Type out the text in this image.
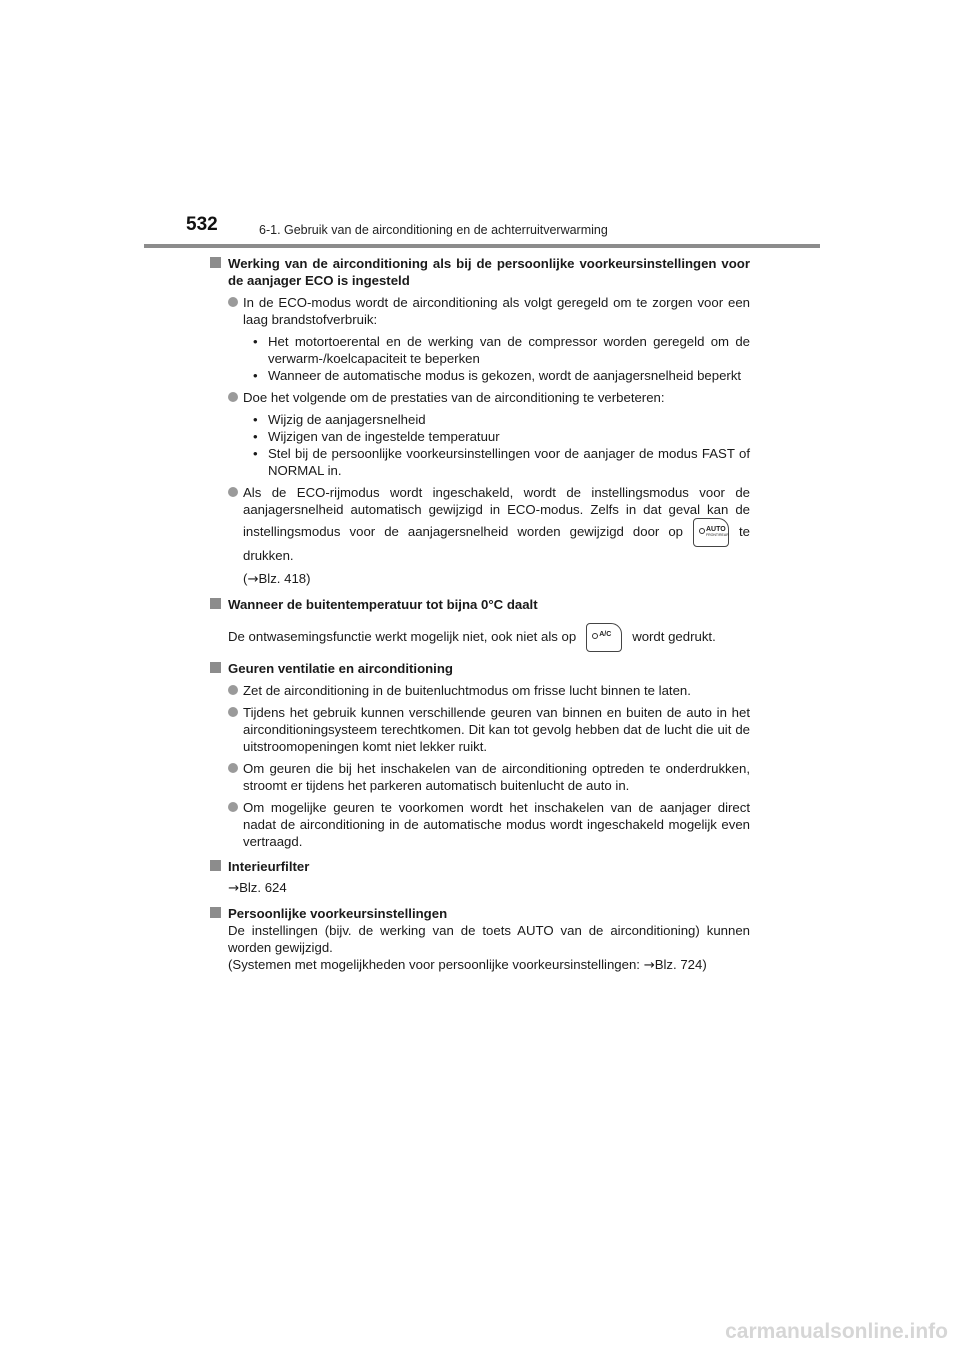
532	6-1. Gebruik van de airconditioning en de achterruitverwarming
Werking van de airconditioning als bij de persoonlijke voorkeursinstellingen voor de aanjager ECO is ingesteld
In de ECO-modus wordt de airconditioning als volgt geregeld om te zorgen voor een laag brandstofverbruik:
• Het motortoerental en de werking van de compressor worden geregeld om de verwarm-/koelcapaciteit te beperken
• Wanneer de automatische modus is gekozen, wordt de aanjagersnelheid beperkt
Doe het volgende om de prestaties van de airconditioning te verbeteren:
• Wijzig de aanjagersnelheid
• Wijzigen van de ingestelde temperatuur
• Stel bij de persoonlijke voorkeursinstellingen voor de aanjager de modus FAST of NORMAL in.
Als de ECO-rijmodus wordt ingeschakeld, wordt de instellingsmodus voor de aanjagersnelheid automatisch gewijzigd in ECO-modus. Zelfs in dat geval kan de instellingsmodus voor de aanjagersnelheid worden gewijzigd door op	AUTO
FRONT/REAR te drukken.
(→Blz. 418)
Wanneer de buitentemperatuur tot bijna 0°C daalt
De ontwasemingsfunctie werkt mogelijk niet, ook niet als op	A/C wordt gedrukt.
Geuren ventilatie en airconditioning
Zet de airconditioning in de buitenluchtmodus om frisse lucht binnen te laten.
Tijdens het gebruik kunnen verschillende geuren van binnen en buiten de auto in het airconditioningsysteem terechtkomen. Dit kan tot gevolg hebben dat de lucht die uit de uitstroomopeningen komt niet lekker ruikt.
Om geuren die bij het inschakelen van de airconditioning optreden te onderdrukken, stroomt er tijdens het parkeren automatisch buitenlucht de auto in.
Om mogelijke geuren te voorkomen wordt het inschakelen van de aanjager direct nadat de airconditioning in de automatische modus wordt ingeschakeld mogelijk even vertraagd.
Interieurfilter
→Blz. 624
Persoonlijke voorkeursinstellingen
De instellingen (bijv. de werking van de toets AUTO van de airconditioning) kunnen worden gewijzigd.
(Systemen met mogelijkheden voor persoonlijke voorkeursinstellingen: →Blz. 724)
carmanualsonline.info
